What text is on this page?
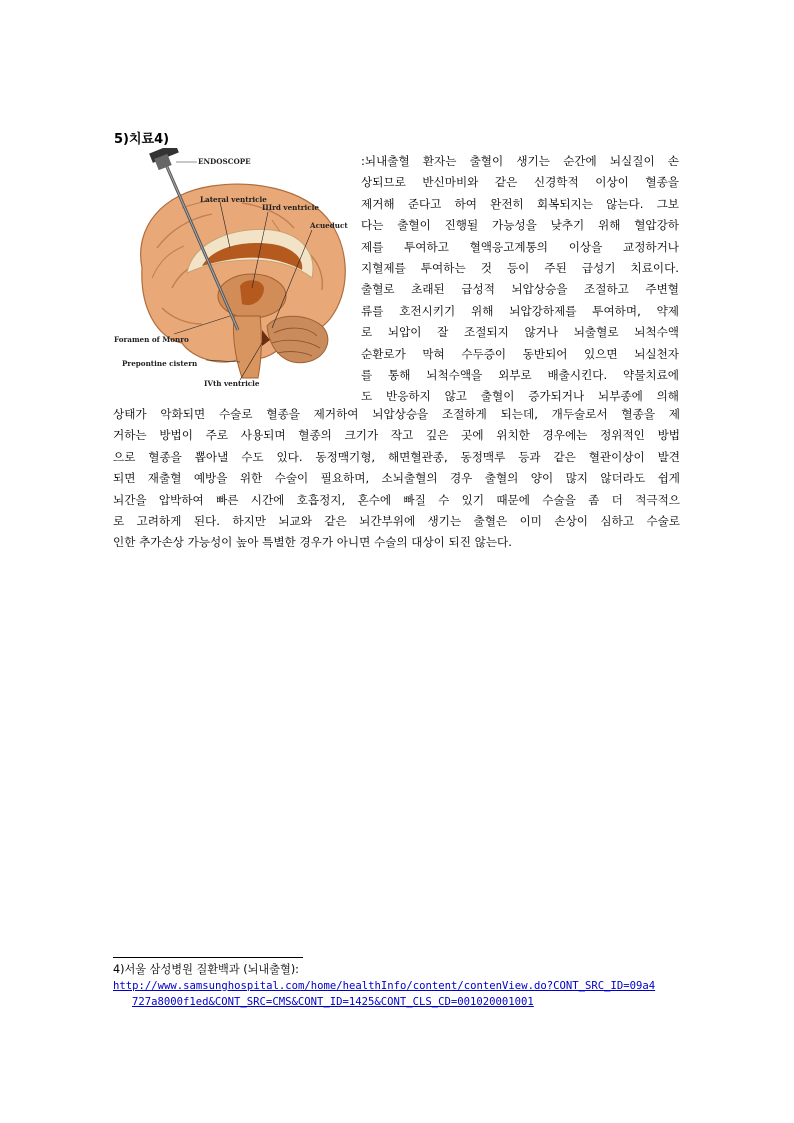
5)치료4)
ENDOSCOPE
Lateral ventricle
IIIrd ventricle
Acueduct
Foramen of Monro
Prepontine cistern
IVth ventricle
:뇌내출혈 환자는 출혈이 생기는 순간에 뇌실질이 손
상되므로 반신마비와 같은 신경학적 이상이 혈종을
제거해 준다고 하여 완전히 회복되지는 않는다. 그보
다는 출혈이 진행될 가능성을 낮추기 위해 혈압강하
제를 투여하고 혈액응고계통의 이상을 교정하거나
지혈제를 투여하는 것 등이 주된 급성기 치료이다.
출혈로 초래된 급성적 뇌압상승을 조절하고 주변혈
류를 호전시키기 위해 뇌압강하제를 투여하며, 약제
로 뇌압이 잘 조절되지 않거나 뇌출혈로 뇌척수액
순환로가 막혀 수두증이 동반되어 있으면 뇌실천자
를 통해 뇌척수액을 외부로 배출시킨다. 약물치료에
도 반응하지 않고 출혈이 증가되거나 뇌부종에 의해
상태가 악화되면 수술로 혈종을 제거하여 뇌압상승을 조절하게 되는데, 개두술로서 혈종을 제
거하는 방법이 주로 사용되며 혈종의 크기가 작고 깊은 곳에 위치한 경우에는 정위적인 방법
으로 혈종을 뽑아낼 수도 있다. 동정맥기형, 해면혈관종, 동정맥루 등과 같은 혈관이상이 발견
되면 재출혈 예방을 위한 수술이 필요하며, 소뇌출혈의 경우 출혈의 양이 많지 않더라도 쉽게
뇌간을 압박하여 빠른 시간에 호흡정지, 혼수에 빠질 수 있기 때문에 수술을 좀 더 적극적으
로 고려하게 된다. 하지만 뇌교와 같은 뇌간부위에 생기는 출혈은 이미 손상이 심하고 수술로
인한 추가손상 가능성이 높아 특별한 경우가 아니면 수술의 대상이 되진 않는다.
4)서울 삼성병원 질환백과 (뇌내출혈):
http://www.samsunghospital.com/home/healthInfo/content/contenView.do?CONT_SRC_ID=09a4
727a8000f1ed&CONT_SRC=CMS&CONT_ID=1425&CONT_CLS_CD=001020001001
